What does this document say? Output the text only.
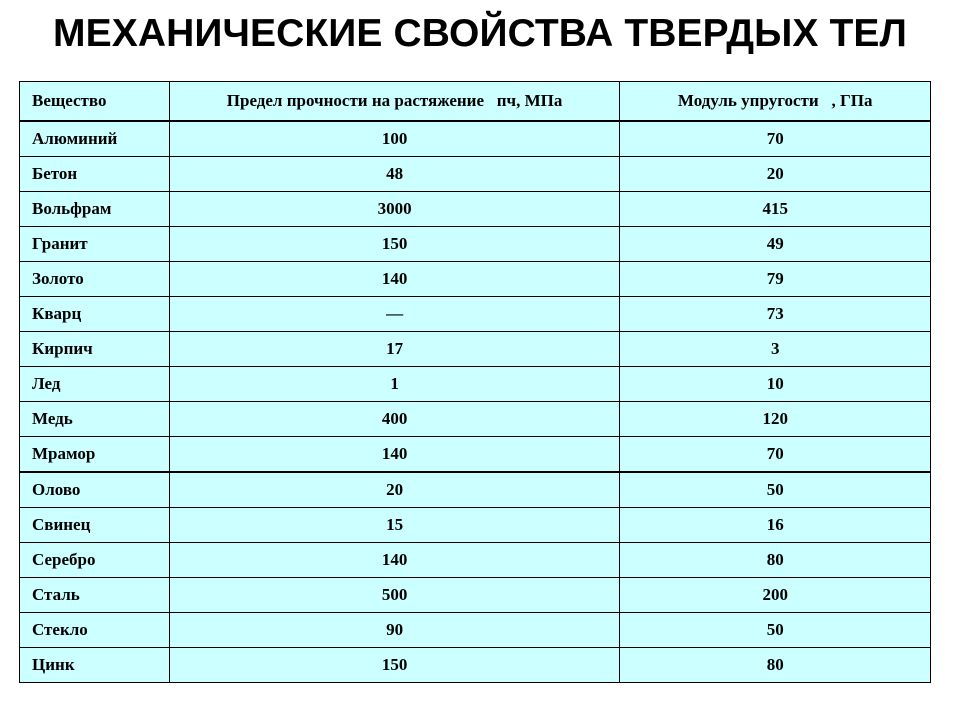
МЕХАНИЧЕСКИЕ СВОЙСТВА ТВЕРДЫХ ТЕЛ
Вещество	Предел прочности на растяжение   пч, МПа	Модуль упругости   , ГПа
Алюминий	100	70
Бетон	48	20
Вольфрам	3000	415
Гранит	150	49
Золото	140	79
Кварц	—	73
Кирпич	17	3
Лед	1	10
Медь	400	120
Мрамор	140	70
Олово	20	50
Свинец	15	16
Серебро	140	80
Сталь	500	200
Стекло	90	50
Цинк	150	80
